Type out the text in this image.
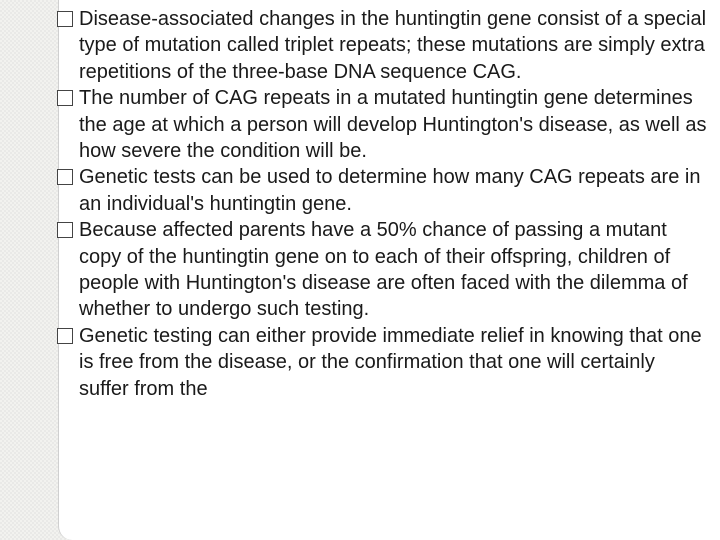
Disease-associated changes in the huntingtin gene consist of a special type of mutation called triplet repeats; these mutations are simply extra repetitions of the three-base DNA sequence CAG.
The number of CAG repeats in a mutated huntingtin gene determines the age at which a person will develop Huntington's disease, as well as how severe the condition will be.
Genetic tests can be used to determine how many CAG repeats are in an individual's huntingtin gene.
Because affected parents have a 50% chance of passing a mutant copy of the huntingtin gene on to each of their offspring, children of people with Huntington's disease are often faced with the dilemma of whether to undergo such testing.
Genetic testing can either provide immediate relief in knowing that one is free from the disease, or the confirmation that one will certainly suffer from the
